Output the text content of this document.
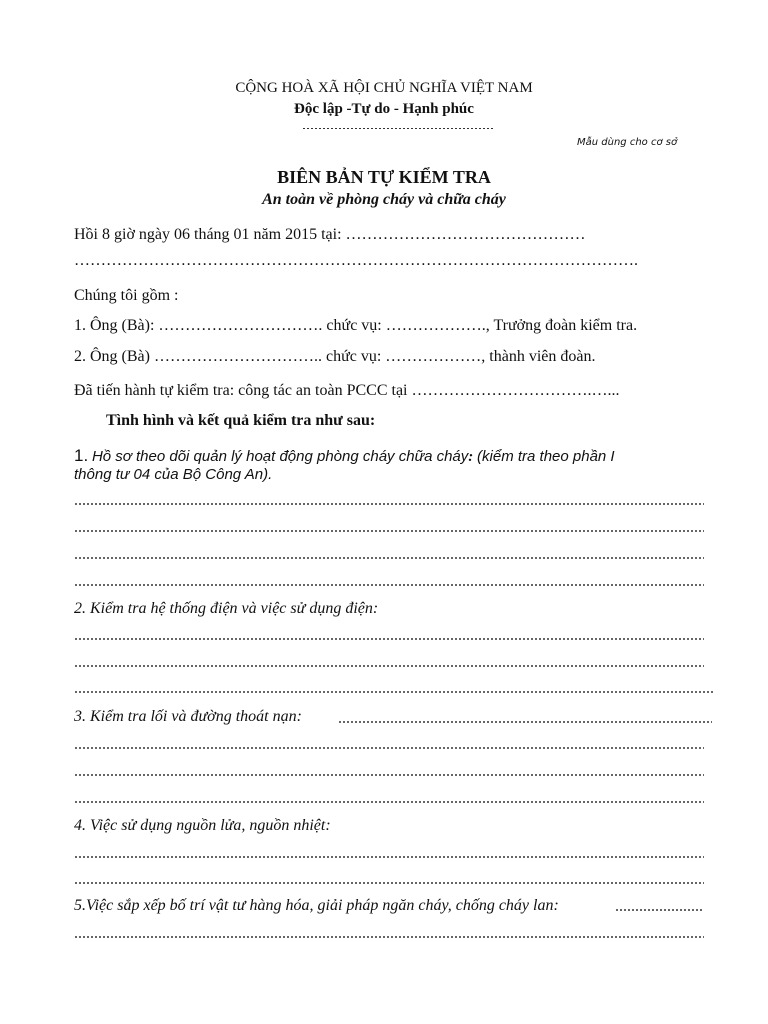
CỘNG HOÀ XÃ HỘI CHỦ NGHĨA VIỆT NAM
Độc lập -Tự do - Hạnh phúc
Mẫu dùng cho cơ sở
BIÊN BẢN TỰ KIỂM TRA
An toàn về phòng cháy và chữa cháy
Hồi 8 giờ ngày 06 tháng 01 năm 2015 tại: ………………………………………
…………………………………………………………………………………………….
Chúng tôi gồm :
1. Ông (Bà): …………………………. chức vụ: ………………., Trưởng đoàn kiểm tra.
2. Ông (Bà) ………………………….. chức vụ: ………………, thành viên đoàn.
Đã tiến hành tự kiểm tra: công tác an toàn PCCC tại …………………………….…...
Tình hình và kết quả kiểm tra như sau:
1. Hồ sơ theo dõi quản lý hoạt động phòng cháy chữa cháy: (kiểm tra theo phần I
thông tư 04 của Bộ Công An).
2. Kiểm tra hệ thống điện và việc sử dụng điện:
3. Kiểm tra lối và đường thoát nạn:
4. Việc sử dụng nguồn lửa, nguồn nhiệt:
5.Việc sắp xếp bố trí vật tư hàng hóa, giải pháp ngăn cháy, chống cháy lan:
